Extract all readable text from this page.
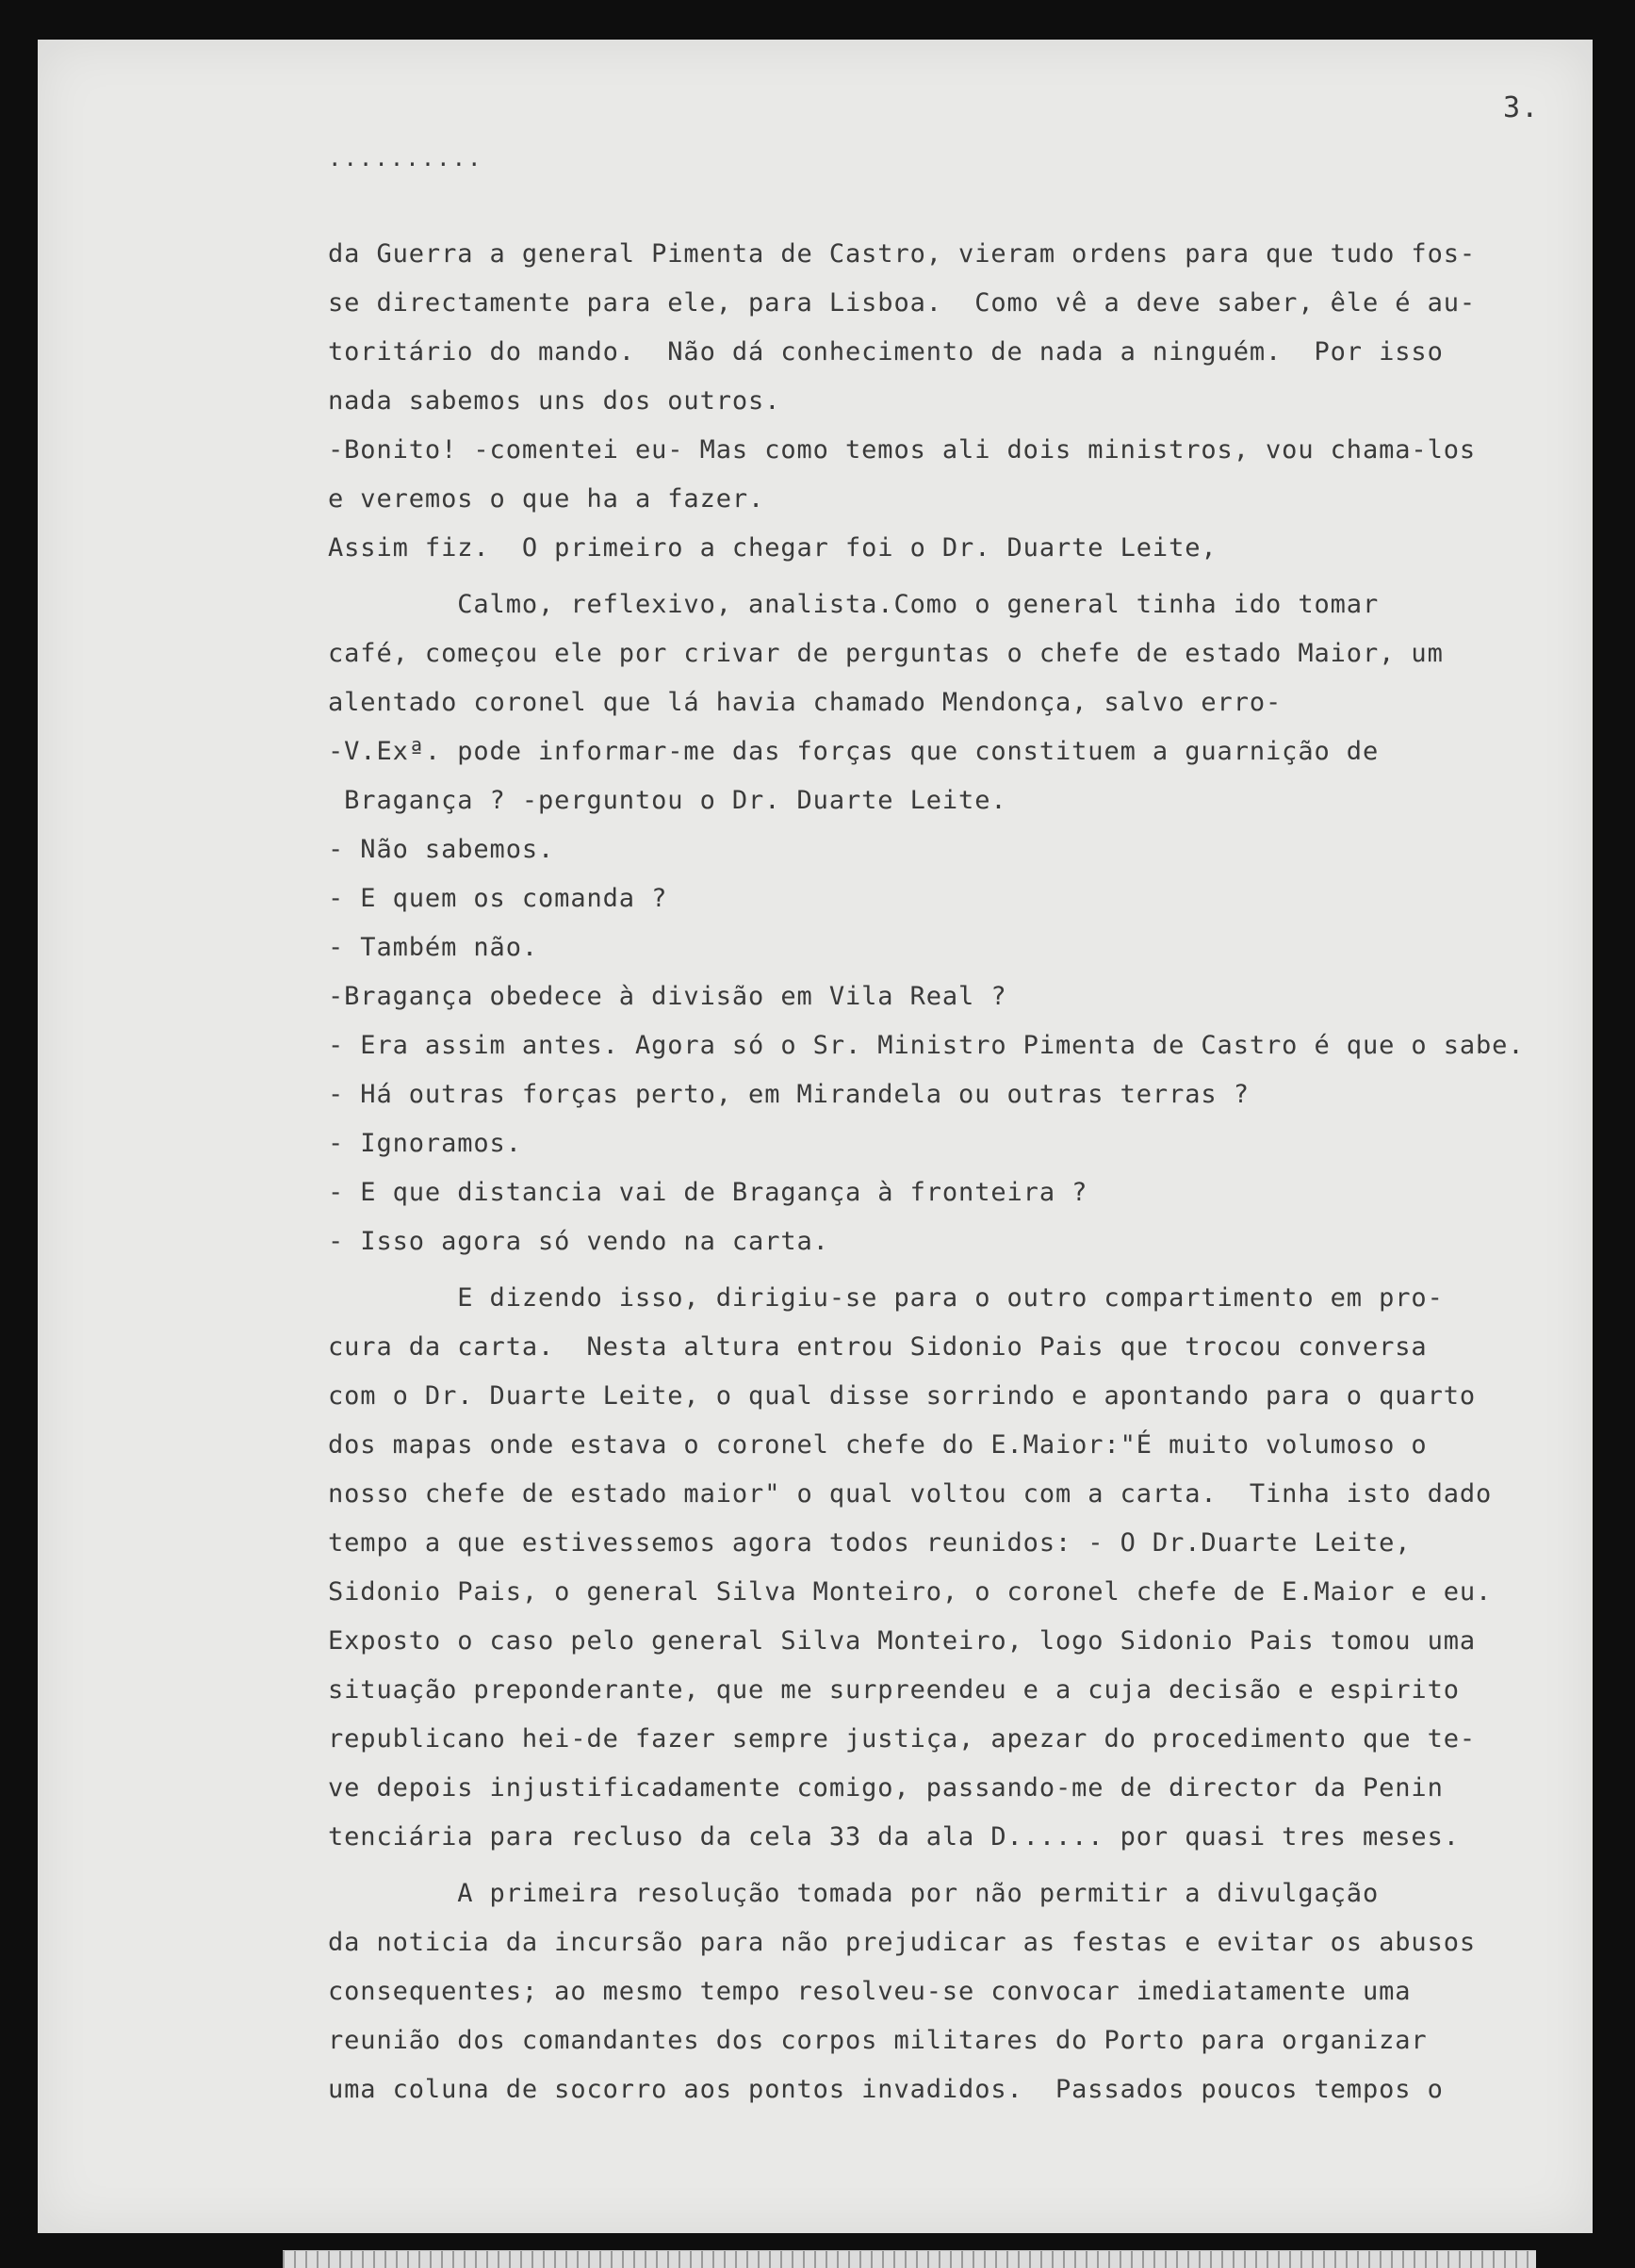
3.
..........
da Guerra a general Pimenta de Castro, vieram ordens para que tudo fos-
se directamente para ele, para Lisboa.  Como vê a deve saber, êle é au-
toritário do mando.  Não dá conhecimento de nada a ninguém.  Por isso
nada sabemos uns dos outros.
-Bonito! -comentei eu- Mas como temos ali dois ministros, vou chama-los
e veremos o que ha a fazer.
Assim fiz.  O primeiro a chegar foi o Dr. Duarte Leite,
Calmo, reflexivo, analista.Como o general tinha ido tomar
café, começou ele por crivar de perguntas o chefe de estado Maior, um
alentado coronel que lá havia chamado Mendonça, salvo erro-
-V.Exª. pode informar-me das forças que constituem a guarnição de
Bragança ? -perguntou o Dr. Duarte Leite.
- Não sabemos.
- E quem os comanda ?
- Também não.
-Bragança obedece à divisão em Vila Real ?
- Era assim antes. Agora só o Sr. Ministro Pimenta de Castro é que o sabe.
- Há outras forças perto, em Mirandela ou outras terras ?
- Ignoramos.
- E que distancia vai de Bragança à fronteira ?
- Isso agora só vendo na carta.
E dizendo isso, dirigiu-se para o outro compartimento em pro-
cura da carta.  Nesta altura entrou Sidonio Pais que trocou conversa
com o Dr. Duarte Leite, o qual disse sorrindo e apontando para o quarto
dos mapas onde estava o coronel chefe do E.Maior:"É muito volumoso o
nosso chefe de estado maior" o qual voltou com a carta.  Tinha isto dado
tempo a que estivessemos agora todos reunidos: - O Dr.Duarte Leite,
Sidonio Pais, o general Silva Monteiro, o coronel chefe de E.Maior e eu.
Exposto o caso pelo general Silva Monteiro, logo Sidonio Pais tomou uma
situação preponderante, que me surpreendeu e a cuja decisão e espirito
republicano hei-de fazer sempre justiça, apezar do procedimento que te-
ve depois injustificadamente comigo, passando-me de director da Penin
tenciária para recluso da cela 33 da ala D...... por quasi tres meses.
A primeira resolução tomada por não permitir a divulgação
da noticia da incursão para não prejudicar as festas e evitar os abusos
consequentes; ao mesmo tempo resolveu-se convocar imediatamente uma
reunião dos comandantes dos corpos militares do Porto para organizar
uma coluna de socorro aos pontos invadidos.  Passados poucos tempos o
